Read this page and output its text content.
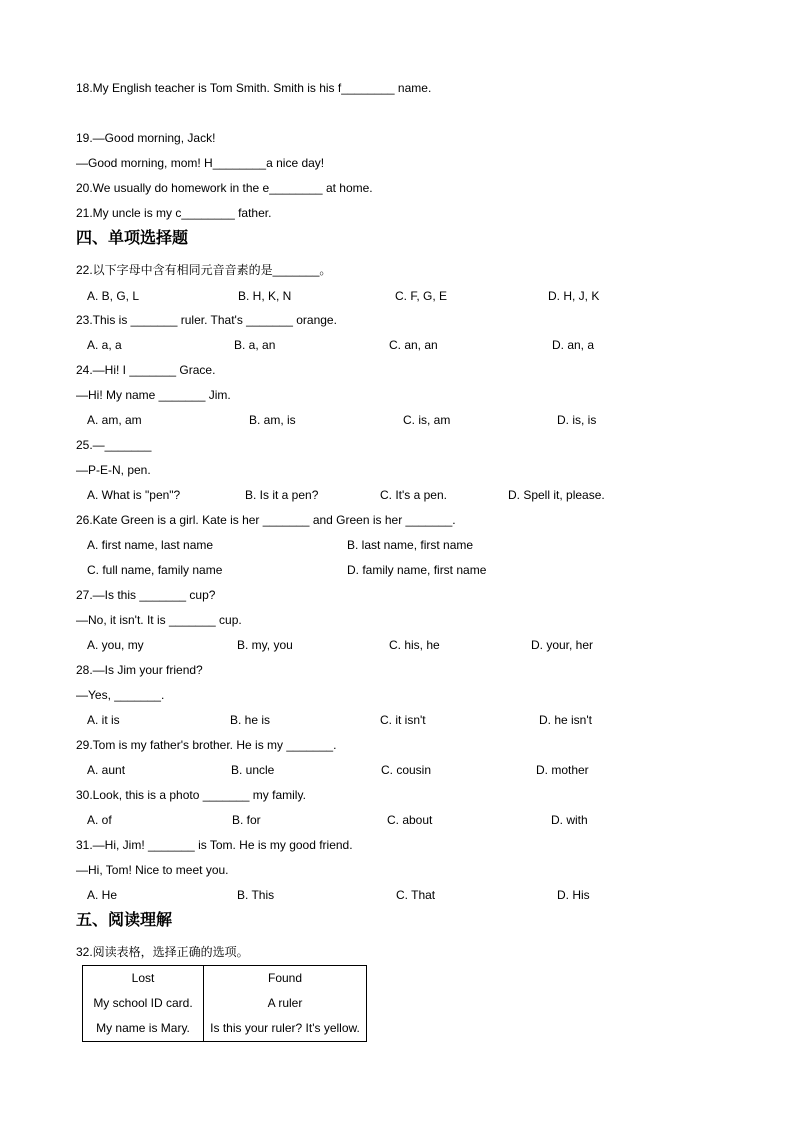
18.My English teacher is Tom Smith. Smith is his f________ name.
19.—Good morning, Jack!
—Good morning, mom! H________a nice day!
20.We usually do homework in the e________ at home.
21.My uncle is my c________ father.
四、单项选择题
22.以下字母中含有相同元音音素的是_______。
A. B, G, L	B. H, K, N	C. F, G, E	D. H, J, K
23.This is _______ ruler. That's _______ orange.
A. a, a	B. a, an	C. an, an	D. an, a
24.—Hi! I _______ Grace.
—Hi! My name _______ Jim.
A. am, am	B. am, is	C. is, am	D. is, is
25.—_______
—P-E-N, pen.
A. What is "pen"?	B. Is it a pen?	C. It's a pen.	D. Spell it, please.
26.Kate Green is a girl. Kate is her _______ and Green is her _______.
A. first name, last name	B. last name, first name
C. full name, family name	D. family name, first name
27.—Is this _______ cup?
—No, it isn't. It is _______ cup.
A. you, my	B. my, you	C. his, he	D. your, her
28.—Is Jim your friend?
—Yes, _______.
A. it is	B. he is	C. it isn't	D. he isn't
29.Tom is my father's brother. He is my _______.
A. aunt	B. uncle	C. cousin	D. mother
30.Look, this is a photo _______ my family.
A. of	B. for	C. about	D. with
31.—Hi, Jim! _______ is Tom. He is my good friend.
—Hi, Tom! Nice to meet you.
A. He	B. This	C. That	D. His
五、阅读理解
32.阅读表格，选择正确的选项。
Lost	Found
My school ID card.	A ruler
My name is Mary.	Is this your ruler? It's yellow.
